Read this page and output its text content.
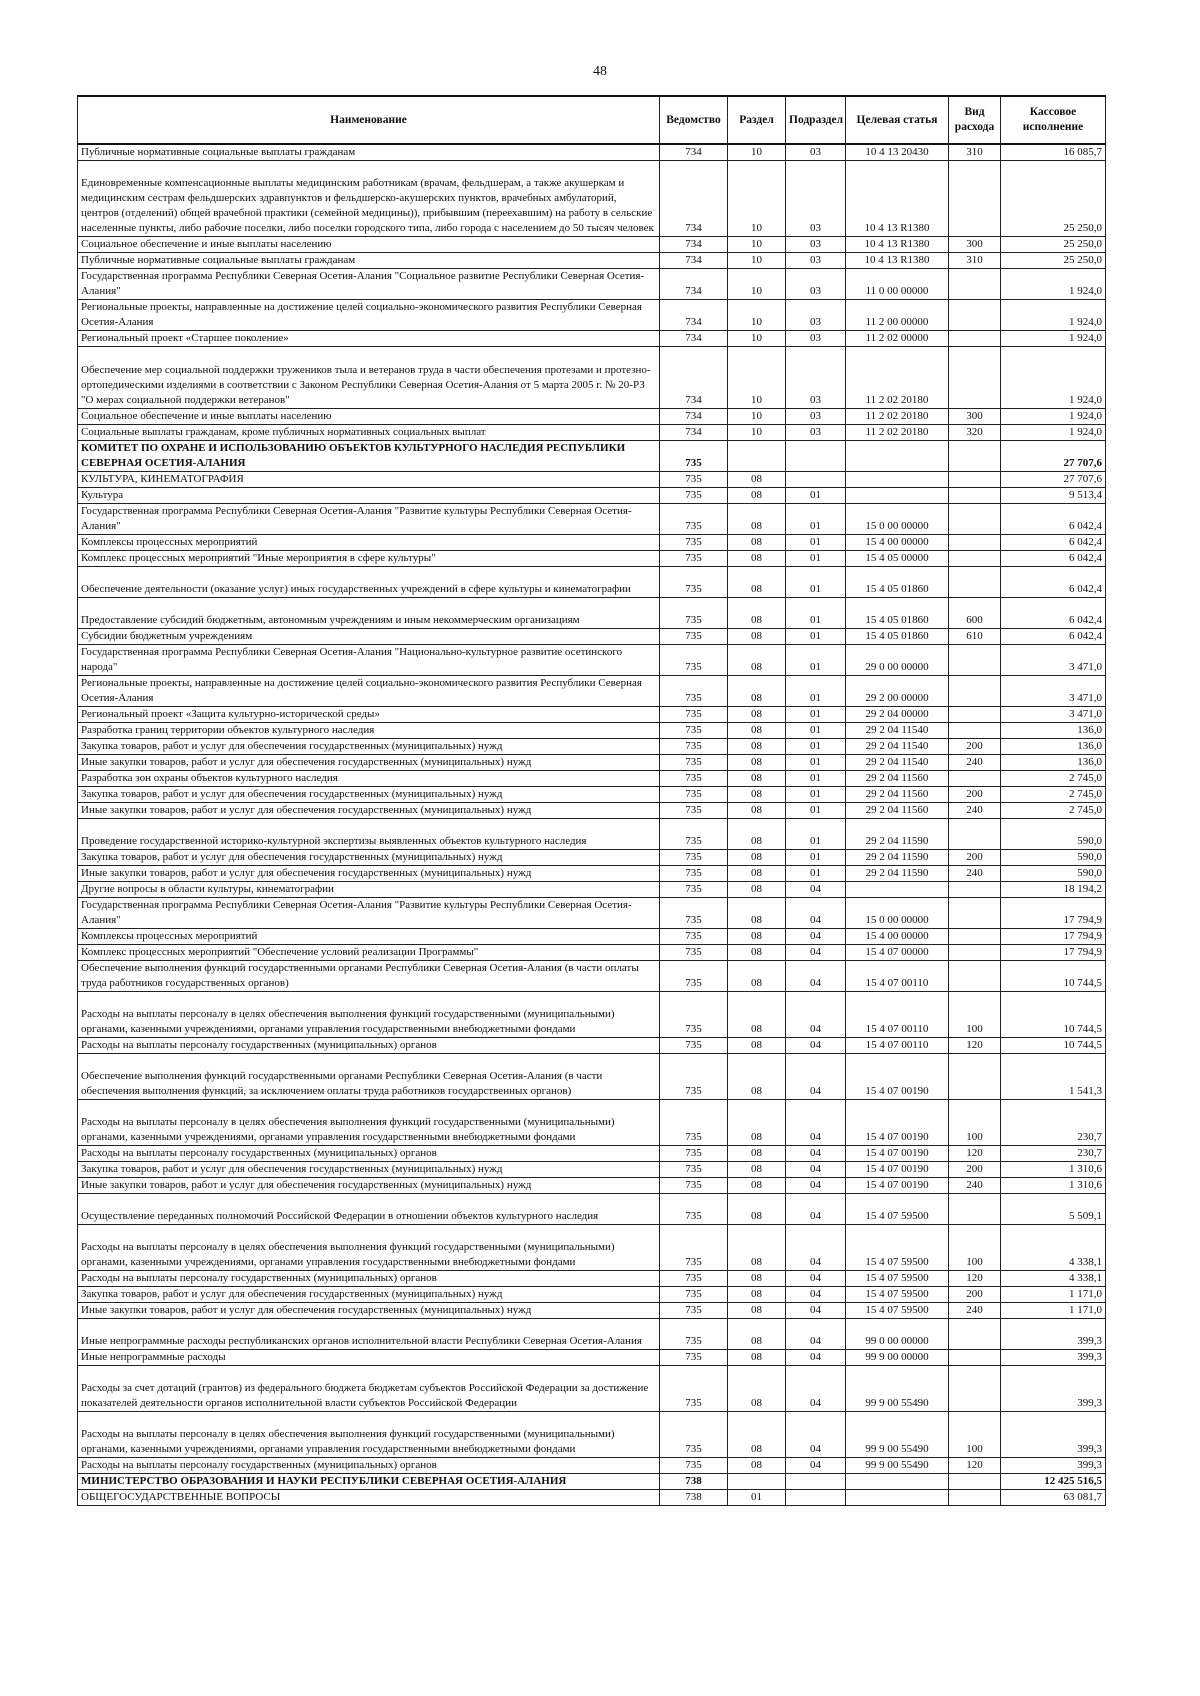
48
Наименование	Ведомство	Раздел	Подраздел	Целевая статья	Вид расхода	Кассовое исполнение
Публичные нормативные социальные выплаты гражданам	734	10	03	10 4 13 20430	310	16 085,7
Единовременные компенсационные выплаты медицинским работникам (врачам, фельдшерам, а также акушеркам и медицинским сестрам фельдшерских здравпунктов и фельдшерско-акушерских пунктов, врачебных амбулаторий, центров (отделений) общей врачебной практики (семейной медицины)), прибывшим (переехавшим) на работу в сельские населенные пункты, либо рабочие поселки, либо поселки городского типа, либо города с населением до 50 тысяч человек	734	10	03	10 4 13 R1380		25 250,0
Социальное обеспечение и иные выплаты населению	734	10	03	10 4 13 R1380	300	25 250,0
Публичные нормативные социальные выплаты гражданам	734	10	03	10 4 13 R1380	310	25 250,0
Государственная программа Республики Северная Осетия-Алания "Социальное развитие Республики Северная Осетия-Алания"	734	10	03	11 0 00 00000		1 924,0
Региональные проекты, направленные на достижение целей социально-экономического развития Республики Северная Осетия-Алания	734	10	03	11 2 00 00000		1 924,0
Региональный проект «Старшее поколение»	734	10	03	11 2 02 00000		1 924,0
Обеспечение мер социальной поддержки тружеников тыла и ветеранов труда в части обеспечения протезами и протезно-ортопедическими изделиями в соответствии с Законом Республики Северная Осетия-Алания от 5 марта 2005 г. № 20-РЗ "О мерах социальной поддержки ветеранов"	734	10	03	11 2 02 20180		1 924,0
Социальное обеспечение и иные выплаты населению	734	10	03	11 2 02 20180	300	1 924,0
Социальные выплаты гражданам, кроме публичных нормативных социальных выплат	734	10	03	11 2 02 20180	320	1 924,0
КОМИТЕТ ПО ОХРАНЕ И ИСПОЛЬЗОВАНИЮ ОБЪЕКТОВ КУЛЬТУРНОГО НАСЛЕДИЯ РЕСПУБЛИКИ СЕВЕРНАЯ ОСЕТИЯ-АЛАНИЯ	735					27 707,6
КУЛЬТУРА, КИНЕМАТОГРАФИЯ	735	08				27 707,6
Культура	735	08	01			9 513,4
Государственная программа Республики Северная Осетия-Алания "Развитие культуры Республики Северная Осетия-Алания"	735	08	01	15 0 00 00000		6 042,4
Комплексы процессных мероприятий	735	08	01	15 4 00 00000		6 042,4
Комплекс процессных мероприятий "Иные мероприятия в сфере культуры"	735	08	01	15 4 05 00000		6 042,4
Обеспечение деятельности (оказание услуг) иных государственных учреждений в сфере культуры и кинематографии	735	08	01	15 4 05 01860		6 042,4
Предоставление субсидий бюджетным, автономным учреждениям и иным некоммерческим организациям	735	08	01	15 4 05 01860	600	6 042,4
Субсидии бюджетным учреждениям	735	08	01	15 4 05 01860	610	6 042,4
Государственная программа Республики Северная Осетия-Алания "Национально-культурное развитие осетинского народа"	735	08	01	29 0 00 00000		3 471,0
Региональные проекты, направленные на достижение целей социально-экономического развития Республики Северная Осетия-Алания	735	08	01	29 2 00 00000		3 471,0
Региональный проект «Защита культурно-исторической среды»	735	08	01	29 2 04 00000		3 471,0
Разработка границ территории объектов культурного наследия	735	08	01	29 2 04 11540		136,0
Закупка товаров, работ и услуг для обеспечения государственных (муниципальных) нужд	735	08	01	29 2 04 11540	200	136,0
Иные закупки товаров, работ и услуг для обеспечения государственных (муниципальных) нужд	735	08	01	29 2 04 11540	240	136,0
Разработка зон охраны объектов культурного наследия	735	08	01	29 2 04 11560		2 745,0
Закупка товаров, работ и услуг для обеспечения государственных (муниципальных) нужд	735	08	01	29 2 04 11560	200	2 745,0
Иные закупки товаров, работ и услуг для обеспечения государственных (муниципальных) нужд	735	08	01	29 2 04 11560	240	2 745,0
Проведение государственной историко-культурной экспертизы выявленных объектов культурного наследия	735	08	01	29 2 04 11590		590,0
Закупка товаров, работ и услуг для обеспечения государственных (муниципальных) нужд	735	08	01	29 2 04 11590	200	590,0
Иные закупки товаров, работ и услуг для обеспечения государственных (муниципальных) нужд	735	08	01	29 2 04 11590	240	590,0
Другие вопросы в области культуры, кинематографии	735	08	04			18 194,2
Государственная программа Республики Северная Осетия-Алания "Развитие культуры Республики Северная Осетия-Алания"	735	08	04	15 0 00 00000		17 794,9
Комплексы процессных мероприятий	735	08	04	15 4 00 00000		17 794,9
Комплекс процессных мероприятий "Обеспечение условий реализации Программы"	735	08	04	15 4 07 00000		17 794,9
Обеспечение выполнения функций государственными органами Республики Северная Осетия-Алания (в части оплаты труда работников государственных органов)	735	08	04	15 4 07 00110		10 744,5
Расходы на выплаты персоналу в целях обеспечения выполнения функций государственными (муниципальными) органами, казенными учреждениями, органами управления государственными внебюджетными фондами	735	08	04	15 4 07 00110	100	10 744,5
Расходы на выплаты персоналу государственных (муниципальных) органов	735	08	04	15 4 07 00110	120	10 744,5
Обеспечение выполнения функций государственными органами Республики Северная Осетия-Алания (в части обеспечения выполнения функций, за исключением оплаты труда работников государственных органов)	735	08	04	15 4 07 00190		1 541,3
Расходы на выплаты персоналу в целях обеспечения выполнения функций государственными (муниципальными) органами, казенными учреждениями, органами управления государственными внебюджетными фондами	735	08	04	15 4 07 00190	100	230,7
Расходы на выплаты персоналу государственных (муниципальных) органов	735	08	04	15 4 07 00190	120	230,7
Закупка товаров, работ и услуг для обеспечения государственных (муниципальных) нужд	735	08	04	15 4 07 00190	200	1 310,6
Иные закупки товаров, работ и услуг для обеспечения государственных (муниципальных) нужд	735	08	04	15 4 07 00190	240	1 310,6
Осуществление переданных полномочий Российской Федерации в отношении объектов культурного наследия	735	08	04	15 4 07 59500		5 509,1
Расходы на выплаты персоналу в целях обеспечения выполнения функций государственными (муниципальными) органами, казенными учреждениями, органами управления государственными внебюджетными фондами	735	08	04	15 4 07 59500	100	4 338,1
Расходы на выплаты персоналу государственных (муниципальных) органов	735	08	04	15 4 07 59500	120	4 338,1
Закупка товаров, работ и услуг для обеспечения государственных (муниципальных) нужд	735	08	04	15 4 07 59500	200	1 171,0
Иные закупки товаров, работ и услуг для обеспечения государственных (муниципальных) нужд	735	08	04	15 4 07 59500	240	1 171,0
Иные непрограммные расходы республиканских органов исполнительной власти Республики Северная Осетия-Алания	735	08	04	99 0 00 00000		399,3
Иные непрограммные расходы	735	08	04	99 9 00 00000		399,3
Расходы за счет дотаций (грантов) из федерального бюджета бюджетам субъектов Российской Федерации за достижение показателей деятельности органов исполнительной власти субъектов Российской Федерации	735	08	04	99 9 00 55490		399,3
Расходы на выплаты персоналу в целях обеспечения выполнения функций государственными (муниципальными) органами, казенными учреждениями, органами управления государственными внебюджетными фондами	735	08	04	99 9 00 55490	100	399,3
Расходы на выплаты персоналу государственных (муниципальных) органов	735	08	04	99 9 00 55490	120	399,3
МИНИСТЕРСТВО ОБРАЗОВАНИЯ И НАУКИ РЕСПУБЛИКИ СЕВЕРНАЯ ОСЕТИЯ-АЛАНИЯ	738					12 425 516,5
ОБЩЕГОСУДАРСТВЕННЫЕ ВОПРОСЫ	738	01				63 081,7
